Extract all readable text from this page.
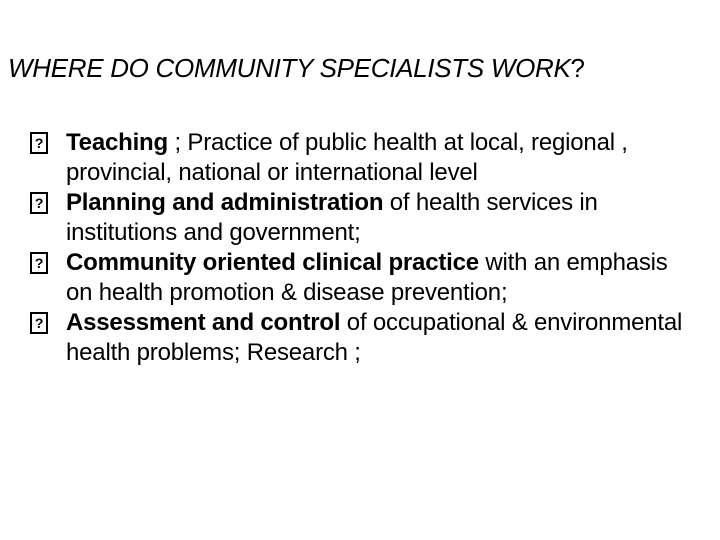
WHERE DO COMMUNITY SPECIALISTS WORK?
?
Teaching ; Practice of public health at local, regional , provincial, national or international level
?
Planning and administration of health services in institutions and government;
?
Community oriented clinical practice with an emphasis on health promotion & disease prevention;
?
Assessment and control of occupational & environmental health problems; Research ;
